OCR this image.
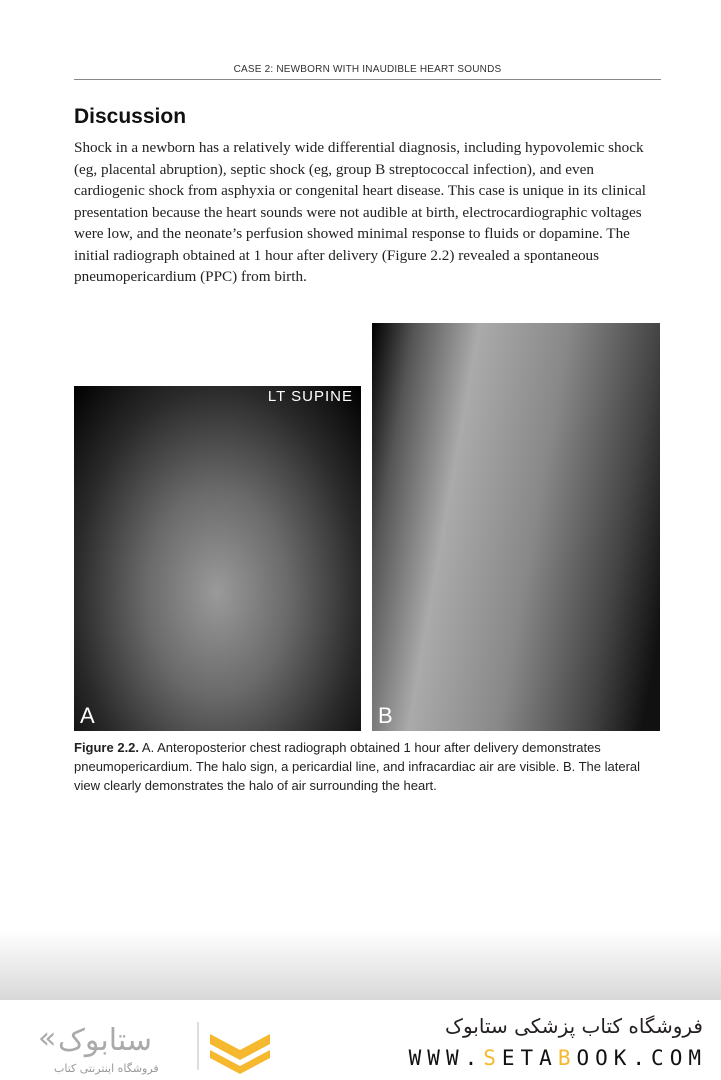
CASE 2: NEWBORN WITH INAUDIBLE HEART SOUNDS
Discussion

Shock in a newborn has a relatively wide differential diagnosis, including hypovolemic shock (eg, placental abruption), septic shock (eg, group B streptococcal infection), and even cardiogenic shock from asphyxia or congenital heart disease. This case is unique in its clinical presentation because the heart sounds were not audible at birth, electrocardiographic voltages were low, and the neonate’s perfusion showed minimal response to fluids or dopamine. The initial radiograph obtained at 1 hour after delivery (Figure 2.2) revealed a spontaneous pneumopericardium (PPC) from birth.

LT SUPINE
A	B

Figure 2.2. A. Anteroposterior chest radiograph obtained 1 hour after delivery demonstrates pneumopericardium. The halo sign, a pericardial line, and infracardiac air are visible. B. The lateral view clearly demonstrates the halo of air surrounding the heart.

« ستابوک
فروشگاه اینترنتی کتاب
فروشگاه کتاب پزشکی ستابوک
WWW.SETABOOK.COM
